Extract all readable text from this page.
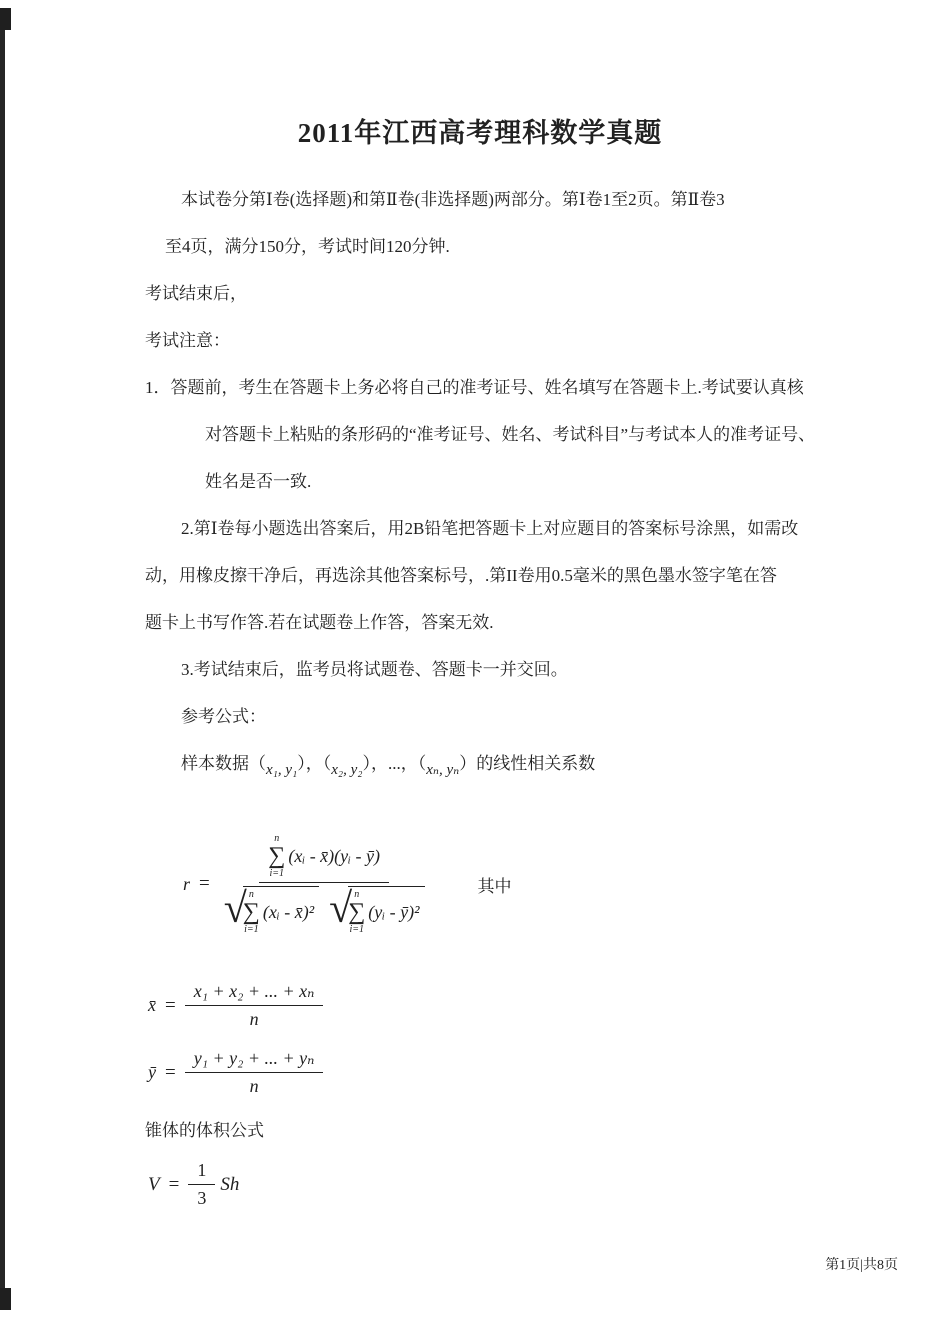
2011年江西高考理科数学真题

本试卷分第Ⅰ卷(选择题)和第Ⅱ卷(非选择题)两部分。第Ⅰ卷1至2页。第Ⅱ卷3

至4页，满分150分，考试时间120分钟.

考试结束后，

考试注意：

1．答题前，考生在答题卡上务必将自己的准考证号、姓名填写在答题卡上.考试要认真核

对答题卡上粘贴的条形码的“准考证号、姓名、考试科目”与考试本人的准考证号、

姓名是否一致.

2.第Ⅰ卷每小题选出答案后，用2B铅笔把答题卡上对应题目的答案标号涂黑，如需改

动，用橡皮擦干净后，再选涂其他答案标号，.第II卷用0.5毫米的黑色墨水签字笔在答

题卡上书写作答.若在试题卷上作答，答案无效.

3.考试结束后，监考员将试题卷、答题卡一并交回。

参考公式：

样本数据（x₁, y₁），（x₂, y₂），...，（xₙ, yₙ）的线性相关系数

r =
n
∑
i=1
(xᵢ - x̄)(yᵢ - ȳ)
√ n
∑
i=1
(xᵢ - x̄)² √ n
∑
i=1
(yᵢ - ȳ)²
其中
x̄ = $\frac{\text{x₁ + x₂ + ... + xₙ}}{n}$
ȳ = $\frac{\text{y₁ + y₂ + ... + yₙ}}{n}$

锥体的体积公式

$V = \frac{1}{3}$ Sh
第1页|共8页
